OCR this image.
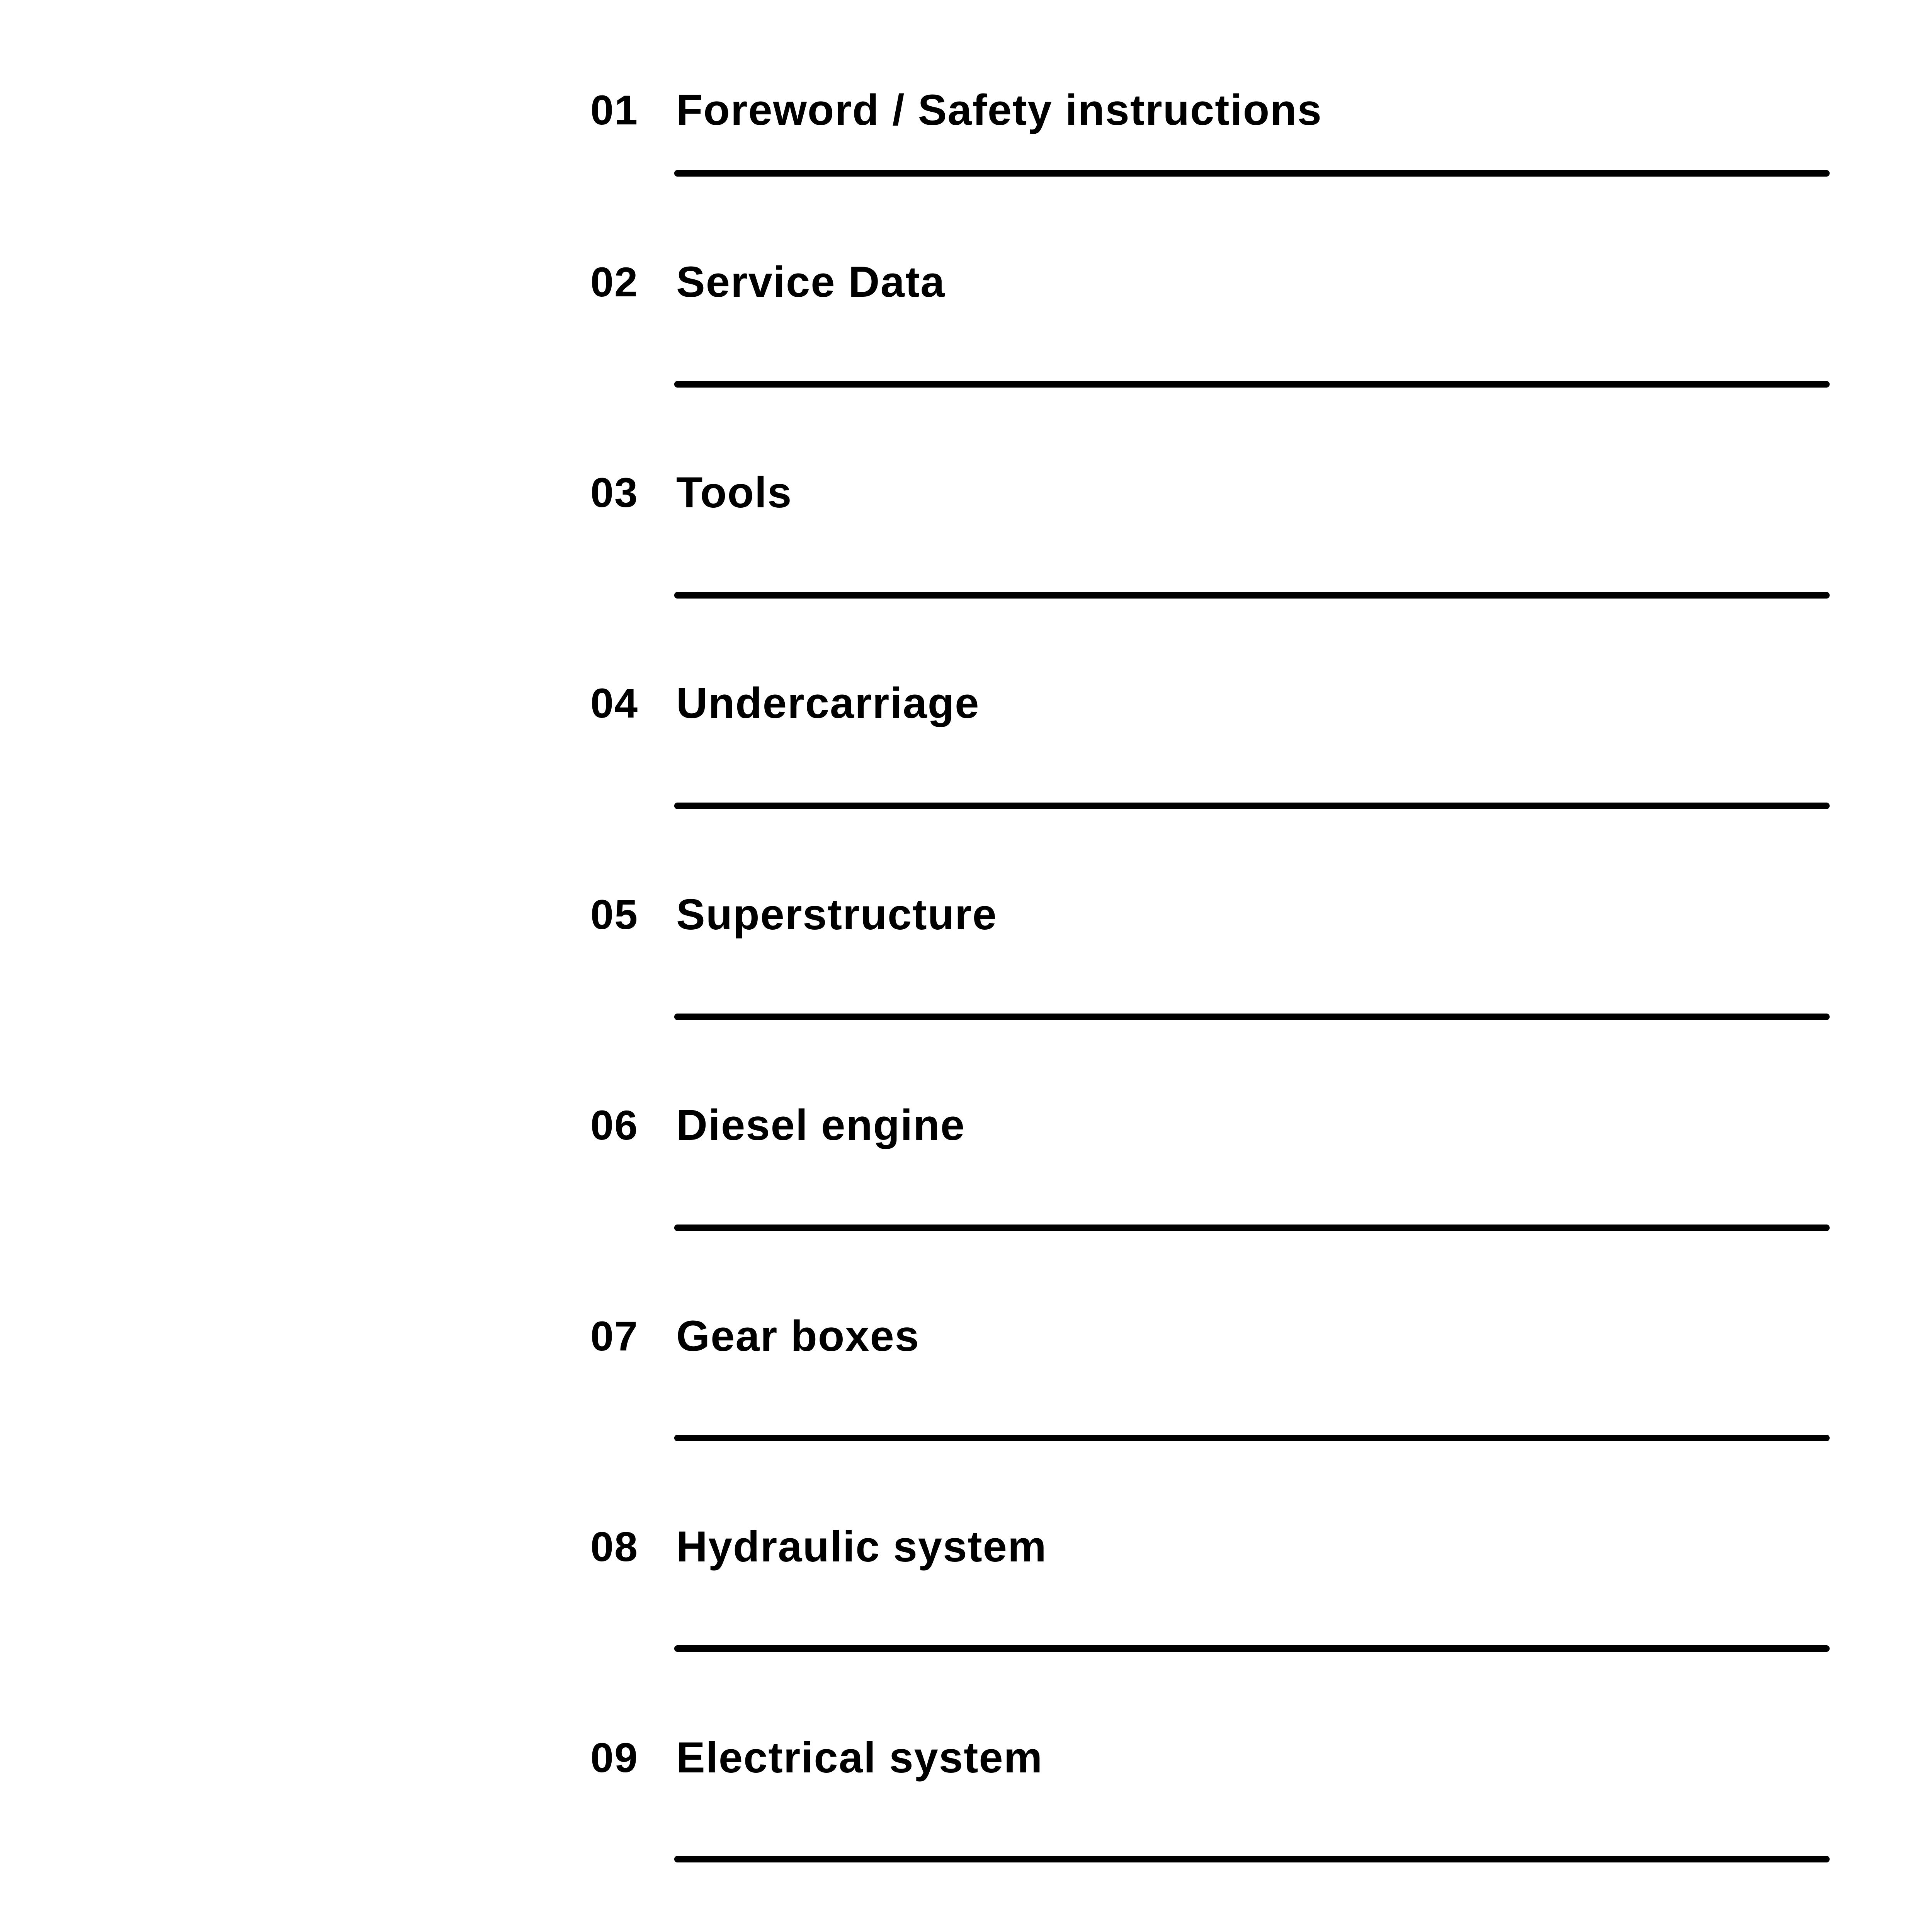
01 Foreword / Safety instructions
02 Service Data
03 Tools
04 Undercarriage
05 Superstructure
06 Diesel engine
07 Gear boxes
08 Hydraulic system
09 Electrical system
